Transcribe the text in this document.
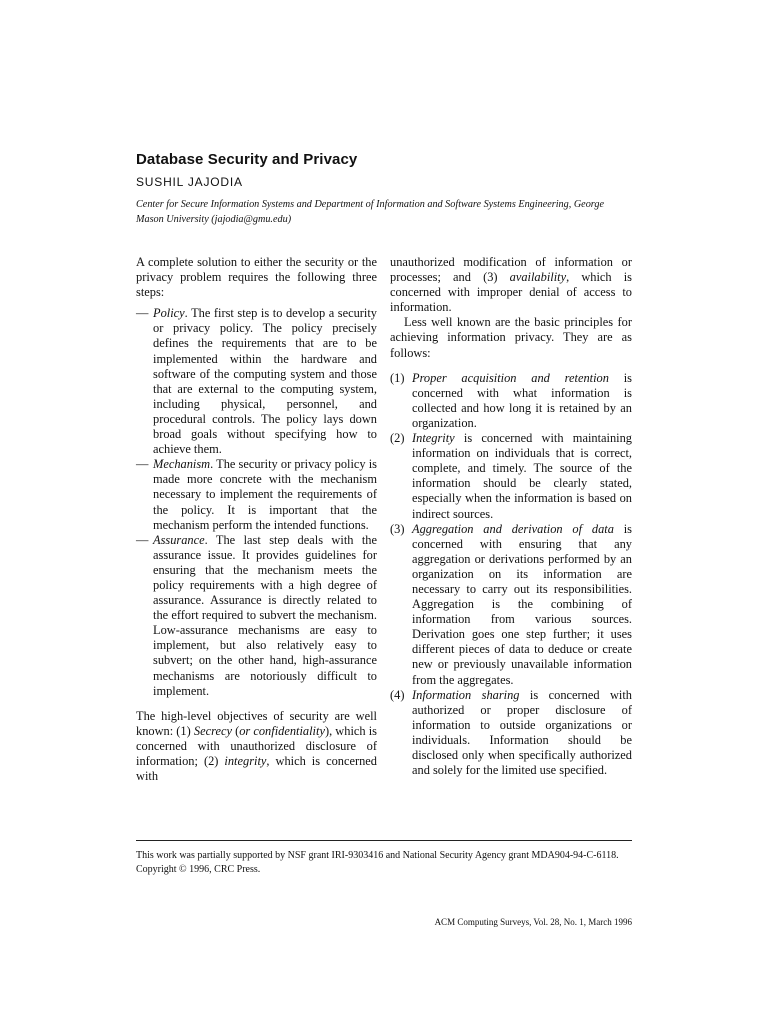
Database Security and Privacy
SUSHIL JAJODIA
Center for Secure Information Systems and Department of Information and Software Systems Engineering, George Mason University (jajodia@gmu.edu)

A complete solution to either the security or the privacy problem requires the following three steps:

— Policy. The first step is to develop a security or privacy policy. The policy precisely defines the requirements that are to be implemented within the hardware and software of the computing system and those that are external to the computing system, including physical, personnel, and procedural controls. The policy lays down broad goals without specifying how to achieve them.

— Mechanism. The security or privacy policy is made more concrete with the mechanism necessary to implement the requirements of the policy. It is important that the mechanism perform the intended functions.

— Assurance. The last step deals with the assurance issue. It provides guidelines for ensuring that the mechanism meets the policy requirements with a high degree of assurance. Assurance is directly related to the effort required to subvert the mechanism. Low-assurance mechanisms are easy to implement, but also relatively easy to subvert; on the other hand, high-assurance mechanisms are notoriously difficult to implement.

The high-level objectives of security are well known: (1) Secrecy (or confidentiality), which is concerned with unauthorized disclosure of information; (2) integrity, which is concerned with

unauthorized modification of information or processes; and (3) availability, which is concerned with improper denial of access to information.

Less well known are the basic principles for achieving information privacy. They are as follows:

(1) Proper acquisition and retention is concerned with what information is collected and how long it is retained by an organization.

(2) Integrity is concerned with maintaining information on individuals that is correct, complete, and timely. The source of the information should be clearly stated, especially when the information is based on indirect sources.

(3) Aggregation and derivation of data is concerned with ensuring that any aggregation or derivations performed by an organization on its information are necessary to carry out its responsibilities. Aggregation is the combining of information from various sources. Derivation goes one step further; it uses different pieces of data to deduce or create new or previously unavailable information from the aggregates.

(4) Information sharing is concerned with authorized or proper disclosure of information to outside organizations or individuals. Information should be disclosed only when specifically authorized and solely for the limited use specified.

This work was partially supported by NSF grant IRI-9303416 and National Security Agency grant MDA904-94-C-6118.
Copyright © 1996, CRC Press.
ACM Computing Surveys, Vol. 28, No. 1, March 1996
